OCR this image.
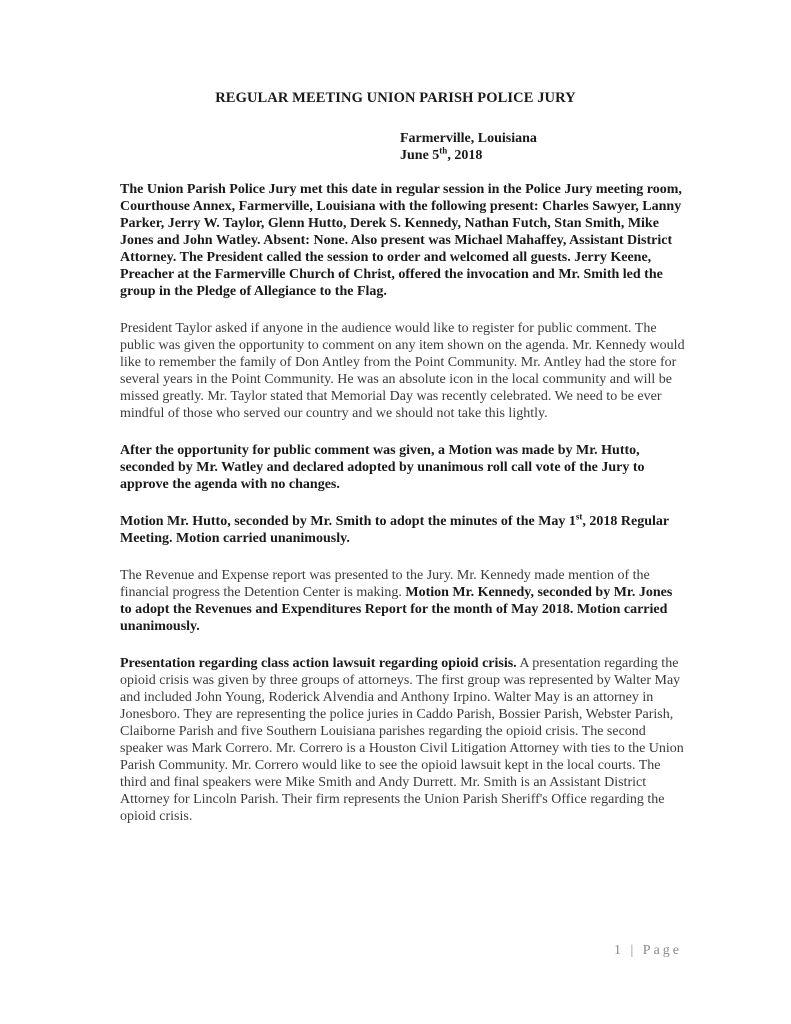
REGULAR MEETING UNION PARISH POLICE JURY
Farmerville, Louisiana
June 5th, 2018

The Union Parish Police Jury met this date in regular session in the Police Jury meeting room, Courthouse Annex, Farmerville, Louisiana with the following present: Charles Sawyer, Lanny Parker, Jerry W. Taylor, Glenn Hutto, Derek S. Kennedy, Nathan Futch, Stan Smith, Mike Jones and John Watley. Absent: None. Also present was Michael Mahaffey, Assistant District Attorney. The President called the session to order and welcomed all guests. Jerry Keene, Preacher at the Farmerville Church of Christ, offered the invocation and Mr. Smith led the group in the Pledge of Allegiance to the Flag.

President Taylor asked if anyone in the audience would like to register for public comment. The public was given the opportunity to comment on any item shown on the agenda. Mr. Kennedy would like to remember the family of Don Antley from the Point Community. Mr. Antley had the store for several years in the Point Community. He was an absolute icon in the local community and will be missed greatly. Mr. Taylor stated that Memorial Day was recently celebrated. We need to be ever mindful of those who served our country and we should not take this lightly.

After the opportunity for public comment was given, a Motion was made by Mr. Hutto, seconded by Mr. Watley and declared adopted by unanimous roll call vote of the Jury to approve the agenda with no changes.

Motion Mr. Hutto, seconded by Mr. Smith to adopt the minutes of the May 1st, 2018 Regular Meeting. Motion carried unanimously.

The Revenue and Expense report was presented to the Jury. Mr. Kennedy made mention of the financial progress the Detention Center is making. Motion Mr. Kennedy, seconded by Mr. Jones to adopt the Revenues and Expenditures Report for the month of May 2018. Motion carried unanimously.

Presentation regarding class action lawsuit regarding opioid crisis. A presentation regarding the opioid crisis was given by three groups of attorneys. The first group was represented by Walter May and included John Young, Roderick Alvendia and Anthony Irpino. Walter May is an attorney in Jonesboro. They are representing the police juries in Caddo Parish, Bossier Parish, Webster Parish, Claiborne Parish and five Southern Louisiana parishes regarding the opioid crisis. The second speaker was Mark Correro. Mr. Correro is a Houston Civil Litigation Attorney with ties to the Union Parish Community. Mr. Correro would like to see the opioid lawsuit kept in the local courts. The third and final speakers were Mike Smith and Andy Durrett. Mr. Smith is an Assistant District Attorney for Lincoln Parish. Their firm represents the Union Parish Sheriff's Office regarding the opioid crisis.

1 | Page
